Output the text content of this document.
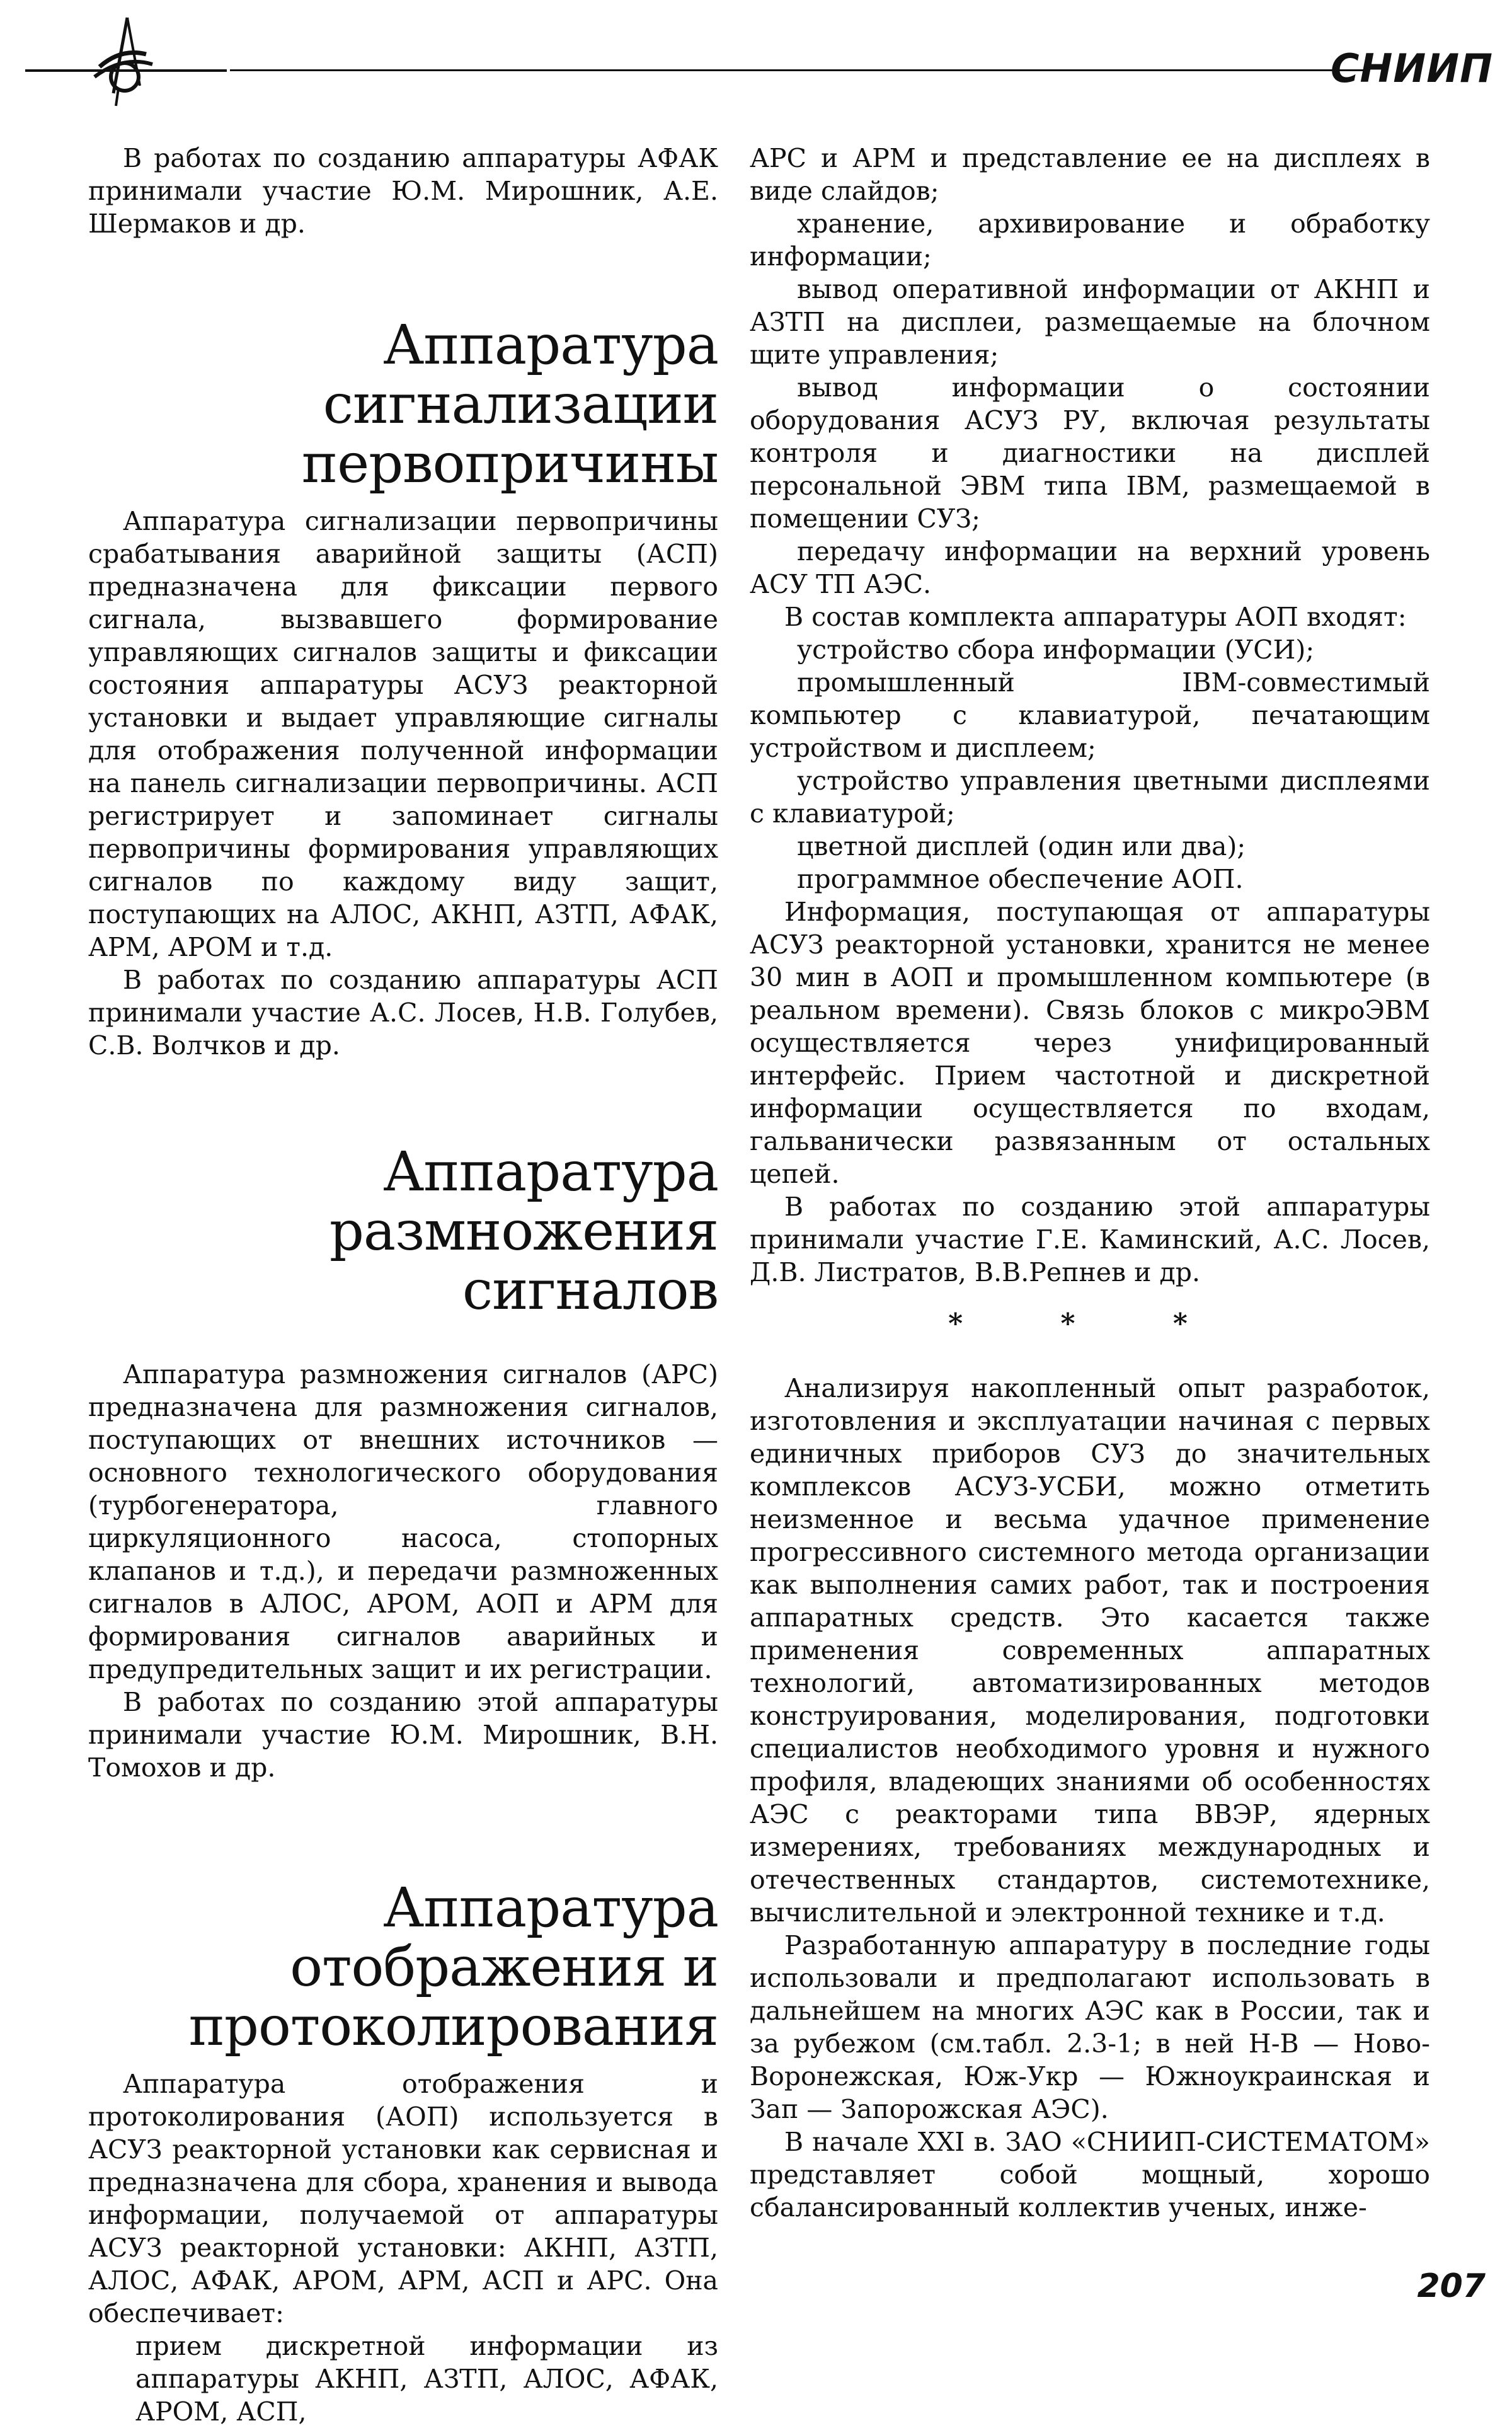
СНИИП

В работах по созданию аппаратуры АФАК принимали участие Ю.М. Мирошник, А.Е. Шермаков и др.

Аппаратура сигнализации первопричины

Аппаратура сигнализации первопричины срабатывания аварийной защиты (АСП) предназначена для фиксации первого сигнала, вызвавшего формирование управляющих сигналов защиты и фиксации состояния аппаратуры АСУЗ реакторной установки и выдает управляющие сигналы для отображения полученной информации на панель сигнализации первопричины. АСП регистрирует и запоминает сигналы первопричины формирования управляющих сигналов по каждому виду защит, поступающих на АЛОС, АКНП, АЗТП, АФАК, АРМ, АРОМ и т.д.

В работах по созданию аппаратуры АСП принимали участие А.С. Лосев, Н.В. Голубев, С.В. Волчков и др.

Аппаратура размножения сигналов

Аппаратура размножения сигналов (АРС) предназначена для размножения сигналов, поступающих от внешних источников — основного технологического оборудования (турбогенератора, главного циркуляционного насоса, стопорных клапанов и т.д.), и передачи размноженных сигналов в АЛОС, АРОМ, АОП и АРМ для формирования сигналов аварийных и предупредительных защит и их регистрации.

В работах по созданию этой аппаратуры принимали участие Ю.М. Мирошник, В.Н. Томохов и др.

Аппаратура отображения и протоколирования

Аппаратура отображения и протоколирования (АОП) используется в АСУЗ реакторной установки как сервисная и предназначена для сбора, хранения и вывода информации, получаемой от аппаратуры АСУЗ реакторной установки: АКНП, АЗТП, АЛОС, АФАК, АРОМ, АРМ, АСП и АРС. Она обеспечивает:

прием дискретной информации из аппаратуры АКНП, АЗТП, АЛОС, АФАК, АРОМ, АСП,

АРС и АРМ и представление ее на дисплеях в виде слайдов;

хранение, архивирование и обработку информации;

вывод оперативной информации от АКНП и АЗТП на дисплеи, размещаемые на блочном щите управления;

вывод информации о состоянии оборудования АСУЗ РУ, включая результаты контроля и диагностики на дисплей персональной ЭВМ типа IBM, размещаемой в помещении СУЗ;

передачу информации на верхний уровень АСУ ТП АЭС.

В состав комплекта аппаратуры АОП входят:

устройство сбора информации (УСИ);

промышленный IBM-совместимый компьютер с клавиатурой, печатающим устройством и дисплеем;

устройство управления цветными дисплеями с клавиатурой;

цветной дисплей (один или два);

программное обеспечение АОП.

Информация, поступающая от аппаратуры АСУЗ реакторной установки, хранится не менее 30 мин в АОП и промышленном компьютере (в реальном времени). Связь блоков с микроЭВМ осуществляется через унифицированный интерфейс. Прием частотной и дискретной информации осуществляется по входам, гальванически развязанным от остальных цепей.

В работах по созданию этой аппаратуры принимали участие Г.Е. Каминский, А.С. Лосев, Д.В. Листратов, В.В.Репнев и др.

* * *

Анализируя накопленный опыт разработок, изготовления и эксплуатации начиная с первых единичных приборов СУЗ до значительных комплексов АСУЗ-УСБИ, можно отметить неизменное и весьма удачное применение прогрессивного системного метода организации как выполнения самих работ, так и построения аппаратных средств. Это касается также применения современных аппаратных технологий, автоматизированных методов конструирования, моделирования, подготовки специалистов необходимого уровня и нужного профиля, владеющих знаниями об особенностях АЭС с реакторами типа ВВЭР, ядерных измерениях, требованиях международных и отечественных стандартов, системотехнике, вычислительной и электронной технике и т.д.

Разработанную аппаратуру в последние годы использовали и предполагают использовать в дальнейшем на многих АЭС как в России, так и за рубежом (см.табл. 2.3-1; в ней Н-В — Ново-Воронежская, Юж-Укр — Южноукраинская и Зап — Запорожская АЭС).

В начале XXI в. ЗАО «СНИИП-СИСТЕМАТОМ» представляет собой мощный, хорошо сбалансированный коллектив ученых, инже-

207
